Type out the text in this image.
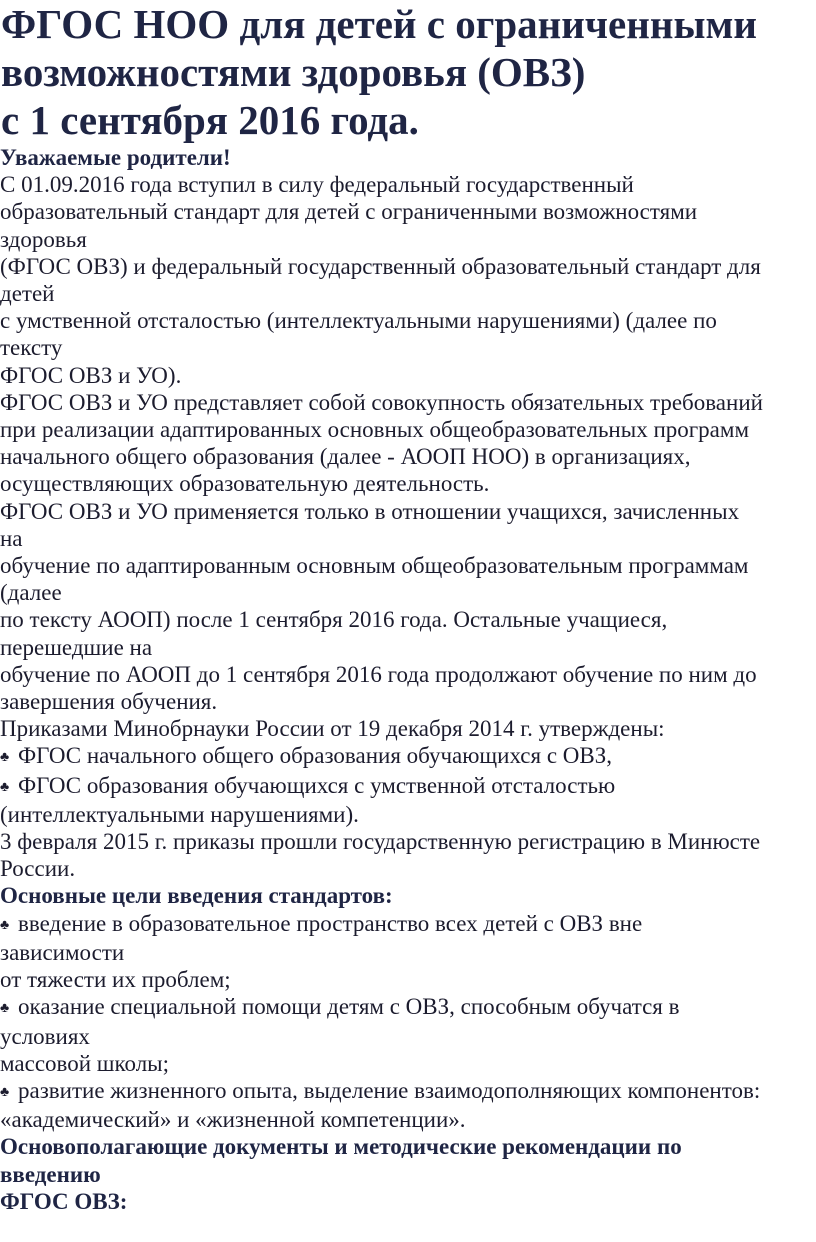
ФГОС НОО для детей с ограниченными
возможностями здоровья (ОВЗ)
с 1 сентября 2016 года.
Уважаемые родители!
С 01.09.2016 года вступил в силу федеральный государственный
образовательный стандарт для детей с ограниченными возможностями
здоровья
(ФГОС ОВЗ) и федеральный государственный образовательный стандарт для
детей
с умственной отсталостью (интеллектуальными нарушениями) (далее по
тексту
ФГОС ОВЗ и УО).
ФГОС ОВЗ и УО представляет собой совокупность обязательных требований
при реализации адаптированных основных общеобразовательных программ
начального общего образования (далее - АООП НОО) в организациях,
осуществляющих образовательную деятельность.
ФГОС ОВЗ и УО применяется только в отношении учащихся, зачисленных
на
обучение по адаптированным основным общеобразовательным программам
(далее
по тексту АООП) после 1 сентября 2016 года. Остальные учащиеся,
перешедшие на
обучение по АООП до 1 сентября 2016 года продолжают обучение по ним до
завершения обучения.
Приказами Минобрнауки России от 19 декабря 2014 г. утверждены:
♣ ФГОС начального общего образования обучающихся с ОВЗ,
♣ ФГОС образования обучающихся с умственной отсталостью
(интеллектуальными нарушениями).
3 февраля 2015 г. приказы прошли государственную регистрацию в Минюсте
России.
Основные цели введения стандартов:
♣ введение в образовательное пространство всех детей с ОВЗ вне
зависимости
от тяжести их проблем;
♣ оказание специальной помощи детям с ОВЗ, способным обучатся в
условиях
массовой школы;
♣ развитие жизненного опыта, выделение взаимодополняющих компонентов:
«академический» и «жизненной компетенции».
Основополагающие документы и методические рекомендации по
введению
ФГОС ОВЗ:
